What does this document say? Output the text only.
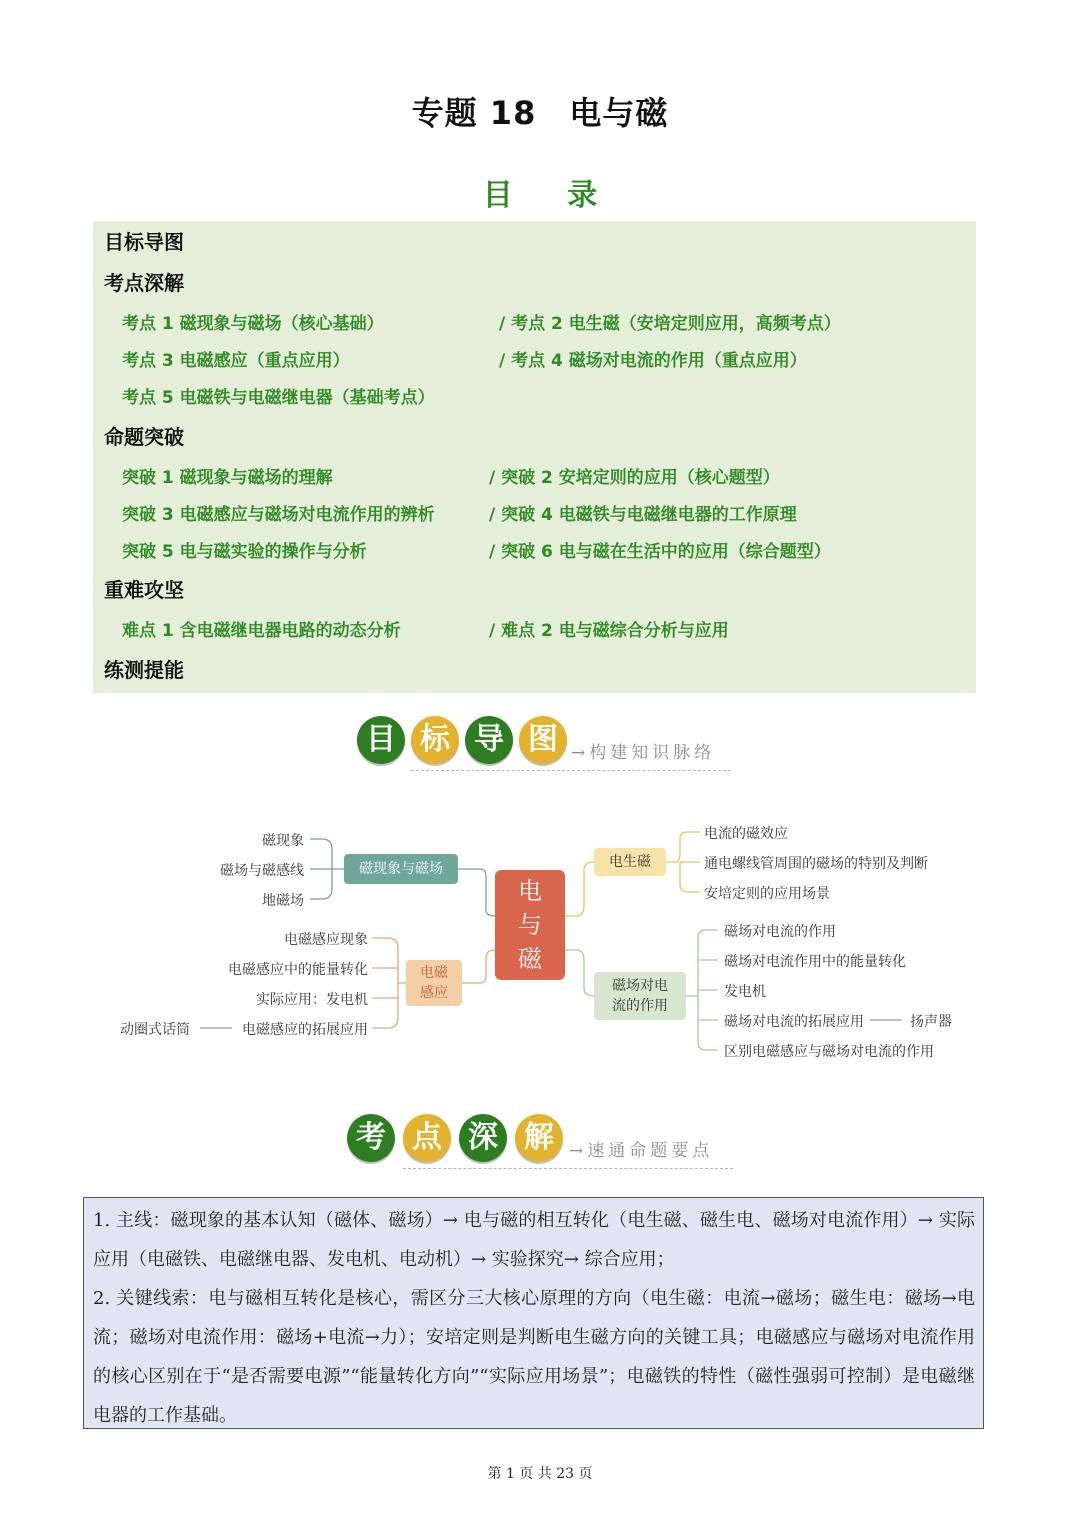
专题 18　电与磁
目 录
目标导图
考点深解
考点 1 磁现象与磁场（核心基础）	/ 考点 2 电生磁（安培定则应用，高频考点）
考点 3 电磁感应（重点应用）	/ 考点 4 磁场对电流的作用（重点应用）
考点 5 电磁铁与电磁继电器（基础考点）
命题突破
突破 1 磁现象与磁场的理解	/ 突破 2 安培定则的应用（核心题型）
突破 3 电磁感应与磁场对电流作用的辨析	/ 突破 4 电磁铁与电磁继电器的工作原理
突破 5 电与磁实验的操作与分析	/ 突破 6 电与磁在生活中的应用（综合题型）
重难攻坚
难点 1 含电磁继电器电路的动态分析	/ 难点 2 电与磁综合分析与应用
练测提能
目 标 导 图 →构建知识脉络
磁现象
磁场与磁感线
地磁场
磁现象与磁场
电磁感应现象
电磁感应中的能量转化
实际应用：发电机
电磁感应的拓展应用
动圈式话筒
电磁
感应
电
与
磁
电生磁
电流的磁效应
通电螺线管周围的磁场的特别及判断
安培定则的应用场景
磁场对电
流的作用
磁场对电流的作用
磁场对电流作用中的能量转化
发电机
磁场对电流的拓展应用	扬声器
区别电磁感应与磁场对电流的作用
考 点 深 解 →速通命题要点

1. 主线：磁现象的基本认知（磁体、磁场）→ 电与磁的相互转化（电生磁、磁生电、磁场对电流作用）→ 实际应用（电磁铁、电磁继电器、发电机、电动机）→ 实验探究→ 综合应用；

2. 关键线索：电与磁相互转化是核心，需区分三大核心原理的方向（电生磁：电流→磁场；磁生电：磁场→电流；磁场对电流作用：磁场+电流→力）；安培定则是判断电生磁方向的关键工具；电磁感应与磁场对电流作用的核心区别在于“是否需要电源”“能量转化方向”“实际应用场景”；电磁铁的特性（磁性强弱可控制）是电磁继电器的工作基础。

第 1 页 共 23 页
